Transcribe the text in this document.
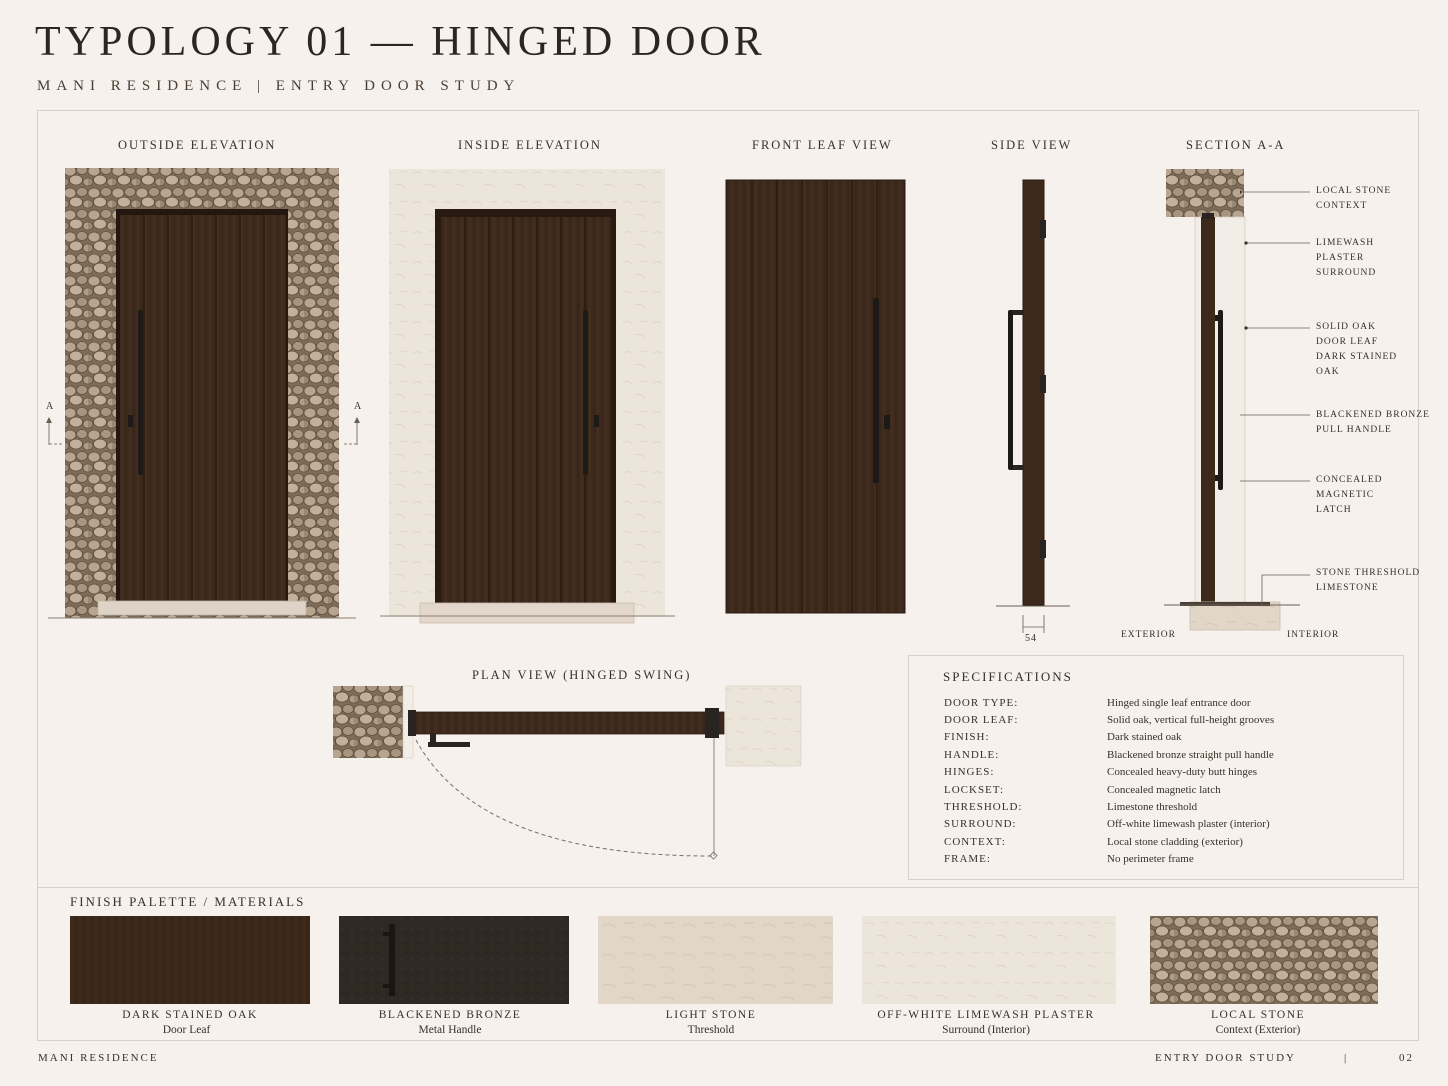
TYPOLOGY 01 — HINGED DOOR
MANI RESIDENCE | ENTRY DOOR STUDY
OUTSIDE ELEVATION	INSIDE ELEVATION	FRONT LEAF VIEW	SIDE VIEW	SECTION A-A
A	A
54
LOCAL STONE
CONTEXT
LIMEWASH
PLASTER
SURROUND
SOLID OAK
DOOR LEAF
DARK STAINED
OAK
BLACKENED BRONZE
PULL HANDLE
CONCEALED
MAGNETIC
LATCH
STONE THRESHOLD
LIMESTONE
EXTERIOR	INTERIOR
PLAN VIEW (HINGED SWING)	SPECIFICATIONS
DOOR TYPE:	Hinged single leaf entrance door
DOOR LEAF:	Solid oak, vertical full-height grooves
FINISH:	Dark stained oak
HANDLE:	Blackened bronze straight pull handle
HINGES:	Concealed heavy-duty butt hinges
LOCKSET:	Concealed magnetic latch
THRESHOLD:	Limestone threshold
SURROUND:	Off-white limewash plaster (interior)
CONTEXT:	Local stone cladding (exterior)
FRAME:	No perimeter frame
FINISH PALETTE / MATERIALS
DARK STAINED OAK
Door Leaf
BLACKENED BRONZE
Metal Handle
LIGHT STONE
Threshold
OFF-WHITE LIMEWASH PLASTER
Surround (Interior)
LOCAL STONE
Context (Exterior)
MANI RESIDENCE	ENTRY DOOR STUDY	|	02
